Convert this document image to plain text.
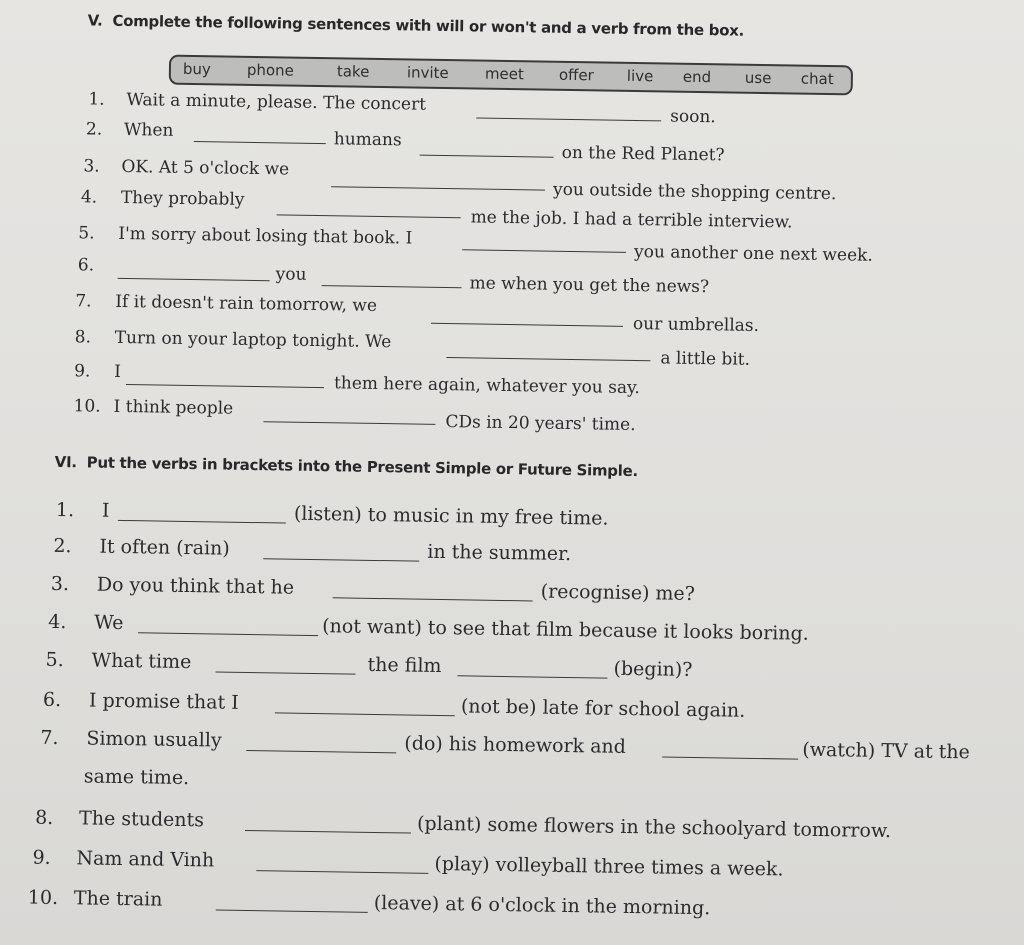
V. Complete the following sentences with will or won't and a verb from the box.
buy phone	take invite meet offer live end use chat
1. Wait a minute, please. The concert
soon.
2. When	humans
on the Red Planet?
3. OK. At 5 o'clock we
you outside the shopping centre.
4. They probably
me the job. I had a terrible interview.
5. I'm sorry about losing that book. I
you another one next week.
6.	you	me when you get the news?
7. If it doesn't rain tomorrow, we
our umbrellas.
8. Turn on your laptop tonight. We
a little bit.
9. I
them here again, whatever you say.
10. I think people
CDs in 20 years' time.
VI. Put the verbs in brackets into the Present Simple or Future Simple.
1. I	(listen) to music in my free time.
2. It often (rain)	in the summer.
3. Do you think that he	(recognise) me?
4. We	(not want) to see that film because it looks boring.
5. What time	the film	(begin)?
6. I promise that I	(not be) late for school again.
7. Simon usually	(do) his homework and	(watch) TV at the
same time.
8. The students	(plant) some flowers in the schoolyard tomorrow.
9. Nam and Vinh	(play) volleyball three times a week.
10. The train	(leave) at 6 o'clock in the morning.
